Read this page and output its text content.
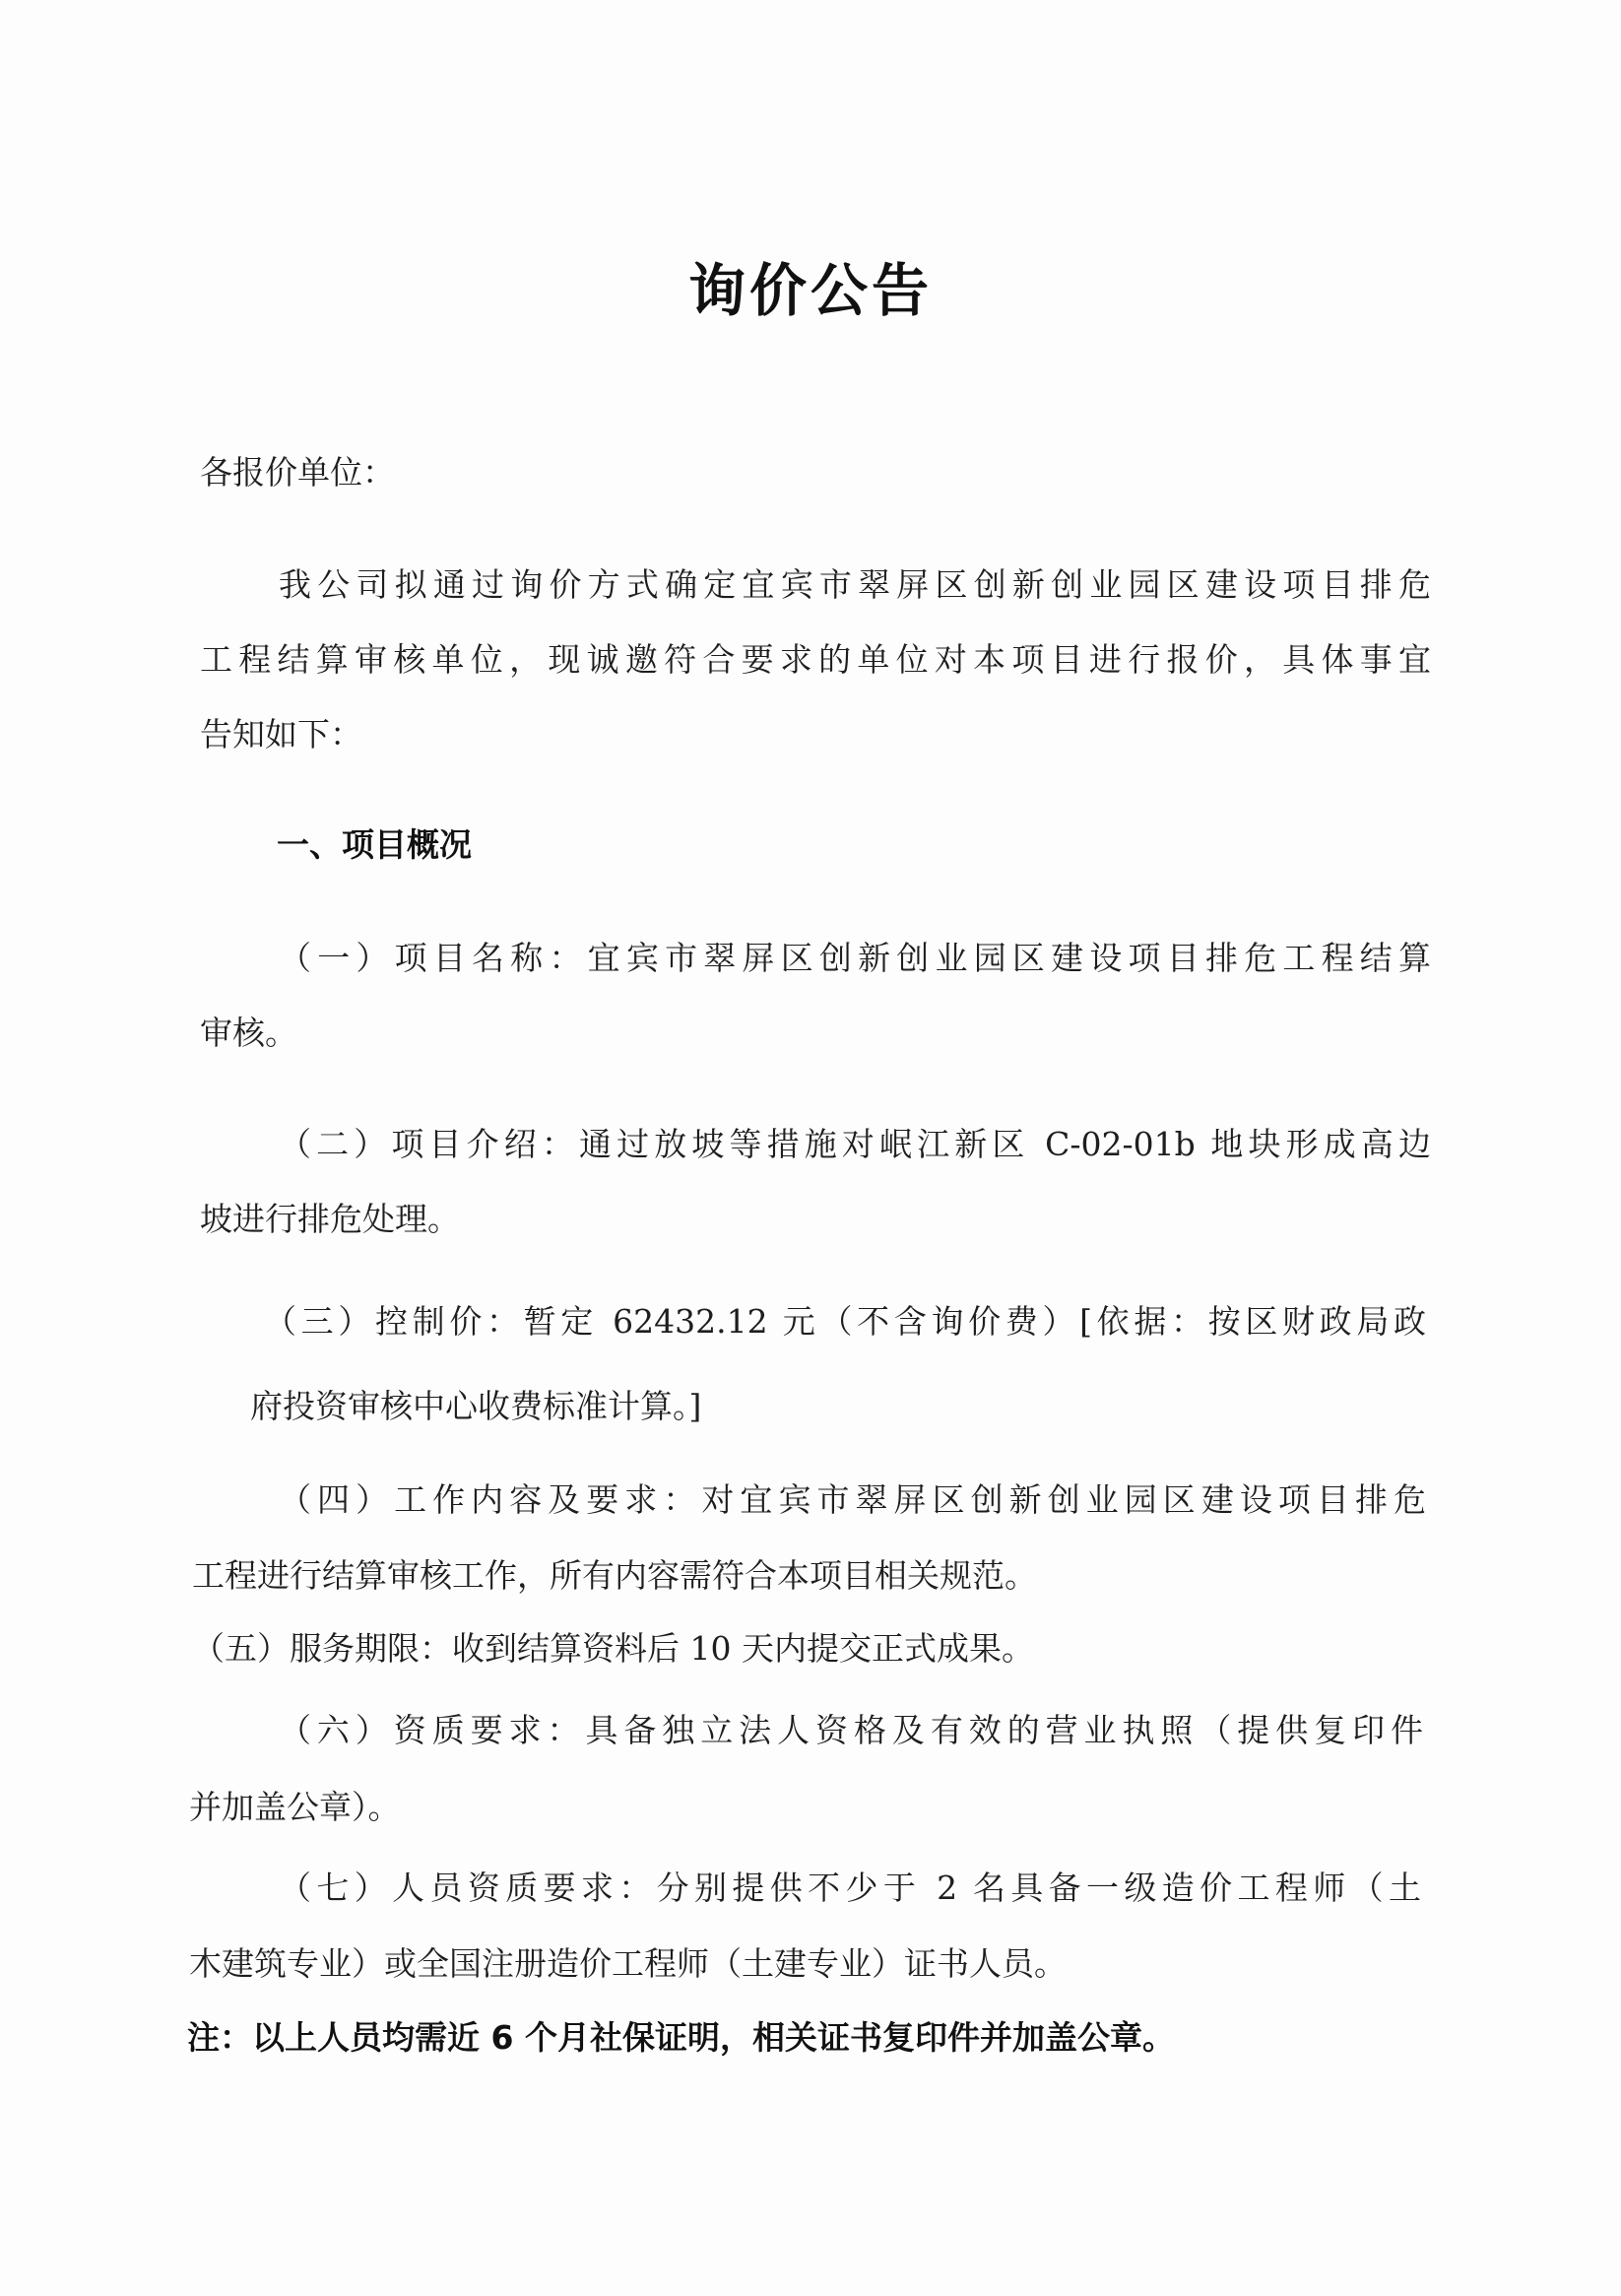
询价公告
各报价单位：
我公司拟通过询价方式确定宜宾市翠屏区创新创业园区建设项目排危
工程结算审核单位，现诚邀符合要求的单位对本项目进行报价，具体事宜
告知如下：
一、项目概况
（一）项目名称：宜宾市翠屏区创新创业园区建设项目排危工程结算
审核。
（二）项目介绍：通过放坡等措施对岷江新区 C-02-01b 地块形成高边
坡进行排危处理。
（三）控制价：暂定 62432.12 元（不含询价费）[依据：按区财政局政
府投资审核中心收费标准计算。]
（四）工作内容及要求：对宜宾市翠屏区创新创业园区建设项目排危
工程进行结算审核工作，所有内容需符合本项目相关规范。
（五）服务期限：收到结算资料后 10 天内提交正式成果。
（六）资质要求：具备独立法人资格及有效的营业执照（提供复印件
并加盖公章）。
（七）人员资质要求：分别提供不少于 2 名具备一级造价工程师（土
木建筑专业）或全国注册造价工程师（土建专业）证书人员。
注：以上人员均需近 6 个月社保证明，相关证书复印件并加盖公章。
